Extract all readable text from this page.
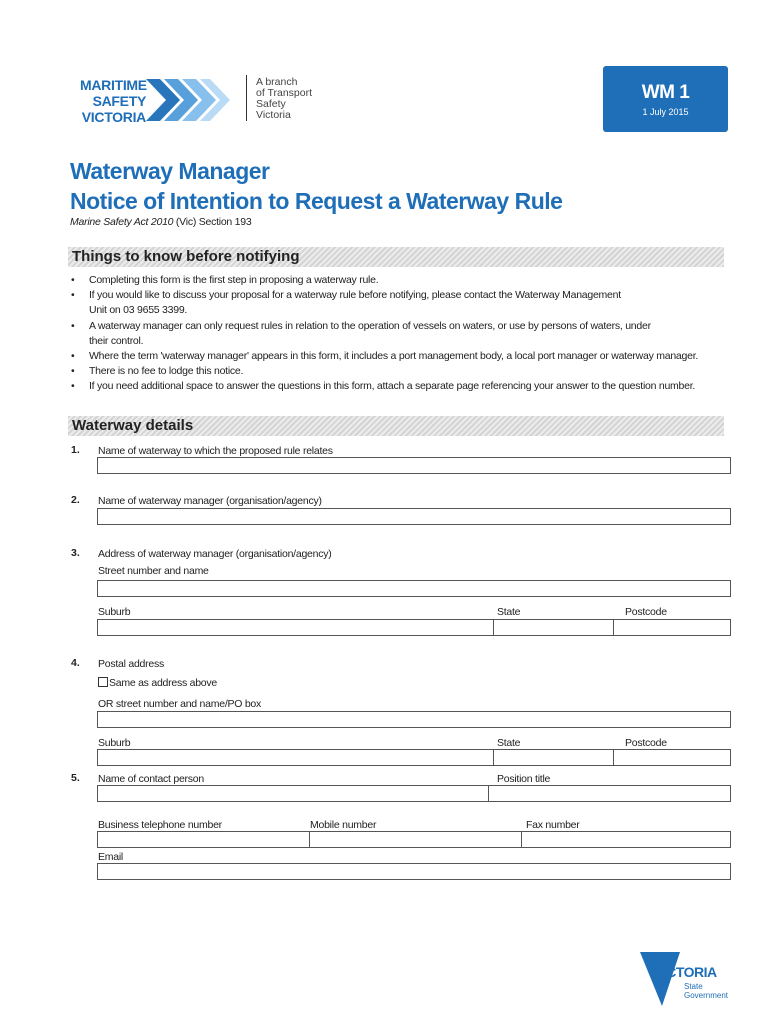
MARITIME
SAFETY
VICTORIA
A branch
of Transport
Safety
Victoria
WM 1
1 July 2015
Waterway Manager
Notice of Intention to Request a Waterway Rule
Marine Safety Act 2010 (Vic) Section 193
Things to know before notifying
• Completing this form is the first step in proposing a waterway rule.
• If you would like to discuss your proposal for a waterway rule before notifying, please contact the Waterway Management Unit on 03 9655 3399.
• A waterway manager can only request rules in relation to the operation of vessels on waters, or use by persons of waters, under their control.
• Where the term 'waterway manager' appears in this form, it includes a port management body, a local port manager or waterway manager.
• There is no fee to lodge this notice.
• If you need additional space to answer the questions in this form, attach a separate page referencing your answer to the question number.
Waterway details
1. Name of waterway to which the proposed rule relates
2. Name of waterway manager (organisation/agency)
3. Address of waterway manager (organisation/agency)
Street number and name
Suburb	State	Postcode
4. Postal address
Same as address above
OR street number and name/PO box
Suburb	State	Postcode
5. Name of contact person	Position title
Business telephone number	Mobile number	Fax number
Email
VICTORIA
State
Government
